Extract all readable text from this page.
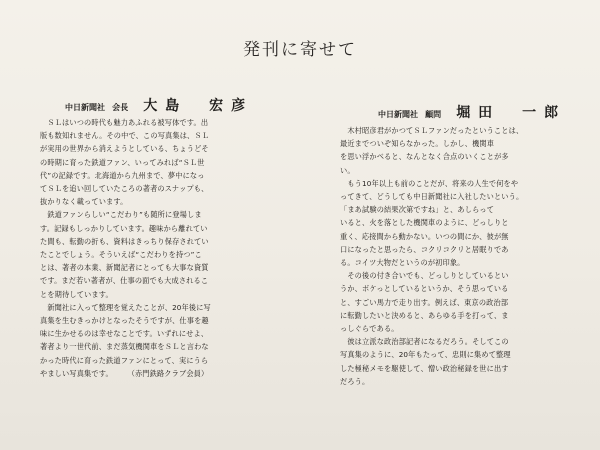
発刊に寄せて
中日新聞社 会長 大島　宏彦
　ＳＬはいつの時代も魅力あふれる被写体です。出
版も数知れません。その中で、この写真集は、ＳＬ
が実用の世界から消えようとしている、ちょうどそ
の時期に育った鉄道ファン、いってみれば“ＳＬ世
代”の記録です。北海道から九州まで、夢中になっ
てＳＬを追い回していたころの著者のスナップも、
抜かりなく載っています。
　鉄道ファンらしい“こだわり”も随所に登場しま
す。記録もしっかりしています。趣味から離れてい
た間も、転勤の折も、資料はきっちり保存されてい
たことでしょう。そういえば“こだわりを持つ”こ
とは、著者の本業、新聞記者にとっても大事な資質
です。まだ若い著者が、仕事の面でも大成されるこ
とを期待しています。
　新聞社に入って整理を覚えたことが、20年後に写
真集を生むきっかけとなったそうですが、仕事を趣
味に生かせるのは幸せなことです。いずれにせよ、
著者より一世代前、まだ蒸気機関車をＳＬと言わな
かった時代に育った鉄道ファンにとって、実にうら
やましい写真集です。　　　（赤門鉄路クラブ会員）
中日新聞社 顧問 堀田　一郎
　木村昭彦君がかつてＳＬファンだったということは、
最近までついぞ知らなかった。しかし、機関車
を思い浮かべると、なんとなく合点のいくことが多
い。
　もう10年以上も前のことだが、将来の人生で何をや
ってきて、どうしても中日新聞社に入社したいという。
「まあ試験の結果次第ですね」と、あしらって
いると、火を落とした機関車のように、どっしりと
重く、応接間から動かない。いつの間にか、彼が無
口になったと思ったら、コクリコクリと居眠りであ
る。コイツ大物だというのが初印象。
　その後の付き合いでも、どっしりとしているとい
うか、ボケっとしているというか、そう思っている
と、すごい馬力で走り出す。例えば、東京の政治部
に転勤したいと決めると、あらゆる手を打って、ま
っしぐらである。
　彼は立派な政治部記者になるだろう。そしてこの
写真集のように、20年もたって、忠則に集めて整理
した極秘メモを駆使して、憎い政治秘録を世に出す
だろう。
